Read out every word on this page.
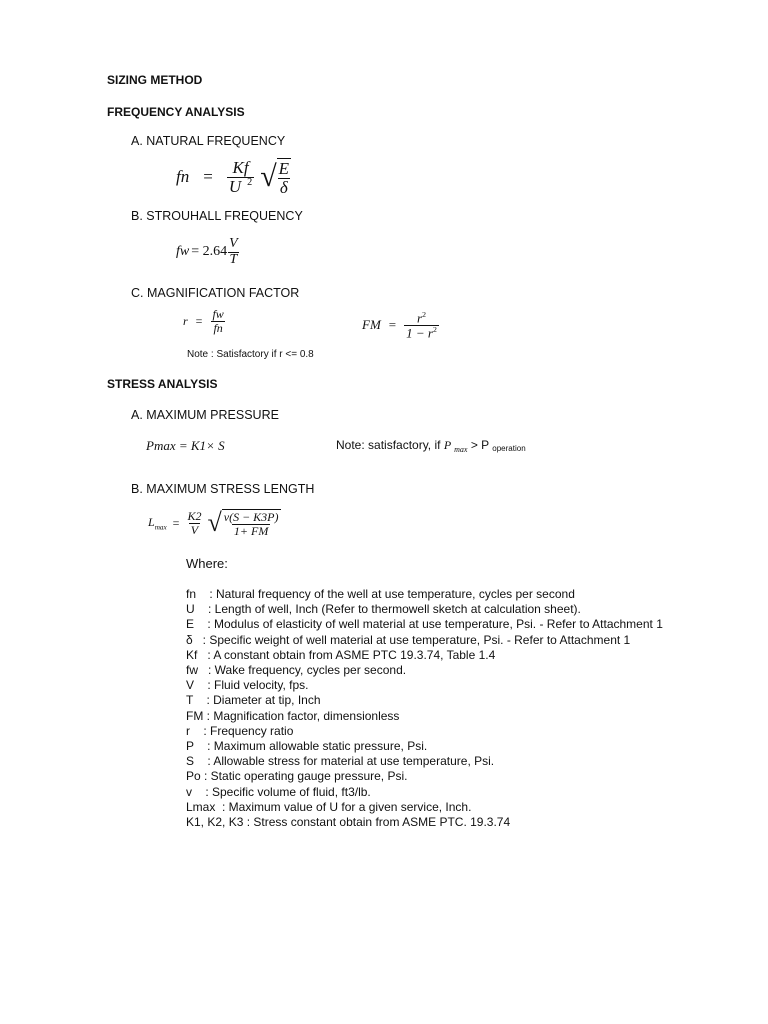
SIZING METHOD
FREQUENCY ANALYSIS
A. NATURAL FREQUENCY
fn = $\frac{Kf}{U ^2}$ √ $\frac{E}{\delta}$
B. STROUHALL FREQUENCY
fw = $2.64 \frac{V}{T}$
C. MAGNIFICATION FACTOR
$r = \frac{fw}{fn}$	FM = $\frac{r^2}{1 - r^2}$
Note : Satisfactory if r <= 0.8
STRESS ANALYSIS
A. MAXIMUM PRESSURE
Pmax = K1× S	Note: satisfactory, if P $_{max}$ > P operation
B. MAXIMUM STRESS LENGTH
$L_{max} = \frac{K2}{V}$ √ $\frac{v(S - K3P)}{1+ FM}$
Where:
fn    : Natural frequency of the well at use temperature, cycles per second
U    : Length of well, Inch (Refer to thermowell sketch at calculation sheet).
E    : Modulus of elasticity of well material at use temperature, Psi. - Refer to Attachment 1
δ   : Specific weight of well material at use temperature, Psi. - Refer to Attachment 1
Kf   : A constant obtain from ASME PTC 19.3.74, Table 1.4
fw   : Wake frequency, cycles per second.
V    : Fluid velocity, fps.
T    : Diameter at tip, Inch
FM : Magnification factor, dimensionless
r    : Frequency ratio
P    : Maximum allowable static pressure, Psi.
S    : Allowable stress for material at use temperature, Psi.
Po : Static operating gauge pressure, Psi.
v    : Specific volume of fluid, ft3/lb.
Lmax  : Maximum value of U for a given service, Inch.
K1, K2, K3 : Stress constant obtain from ASME PTC. 19.3.74
